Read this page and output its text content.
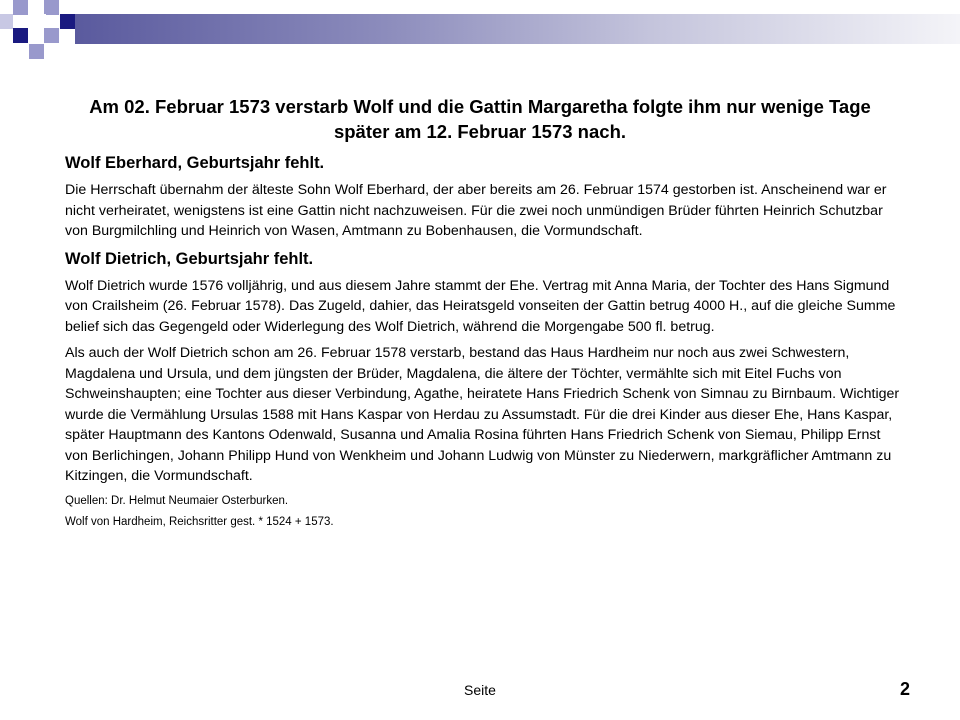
Am 02. Februar 1573 verstarb Wolf und die Gattin Margaretha folgte ihm nur wenige Tage später am 12. Februar 1573 nach.
Wolf Eberhard, Geburtsjahr fehlt.
Die Herrschaft übernahm der älteste Sohn Wolf Eberhard, der aber bereits am 26. Februar 1574 gestorben ist. Anscheinend war er nicht verheiratet, wenigstens ist eine Gattin nicht nachzuweisen. Für die zwei noch unmündigen Brüder führten Heinrich Schutzbar von Burgmilchling und Heinrich von Wasen, Amtmann zu Bobenhausen, die Vormundschaft.
Wolf Dietrich, Geburtsjahr fehlt.
Wolf Dietrich wurde 1576 volljährig, und aus diesem Jahre stammt der Ehe. Vertrag mit Anna Maria, der Tochter des Hans Sigmund von Crailsheim (26. Februar 1578). Das Zugeld, dahier, das Heiratsgeld vonseiten der Gattin betrug 4000 H., auf die gleiche Summe belief sich das Gegengeld oder Widerlegung des Wolf Dietrich, während die Morgengabe 500 fl. betrug.
Als auch der Wolf Dietrich schon am 26. Februar 1578 verstarb, bestand das Haus Hardheim nur noch aus zwei Schwestern, Magdalena und Ursula, und dem jüngsten der Brüder, Magdalena, die ältere der Töchter, vermählte sich mit Eitel Fuchs von Schweinshaupten; eine Tochter aus dieser Verbindung, Agathe, heiratete Hans Friedrich Schenk von Simnau zu Birnbaum. Wichtiger wurde die Vermählung Ursulas 1588 mit Hans Kaspar von Herdau zu Assumstadt. Für die drei Kinder aus dieser Ehe, Hans Kaspar, später Hauptmann des Kantons Odenwald, Susanna und Amalia Rosina führten Hans Friedrich Schenk von Siemau, Philipp Ernst von Berlichingen, Johann Philipp Hund von Wenkheim und Johann Ludwig von Münster zu Niederwern, markgräflicher Amtmann zu Kitzingen, die Vormundschaft.
Quellen: Dr. Helmut Neumaier Osterburken.
Wolf von Hardheim, Reichsritter gest. * 1524 + 1573.
Seite	2
